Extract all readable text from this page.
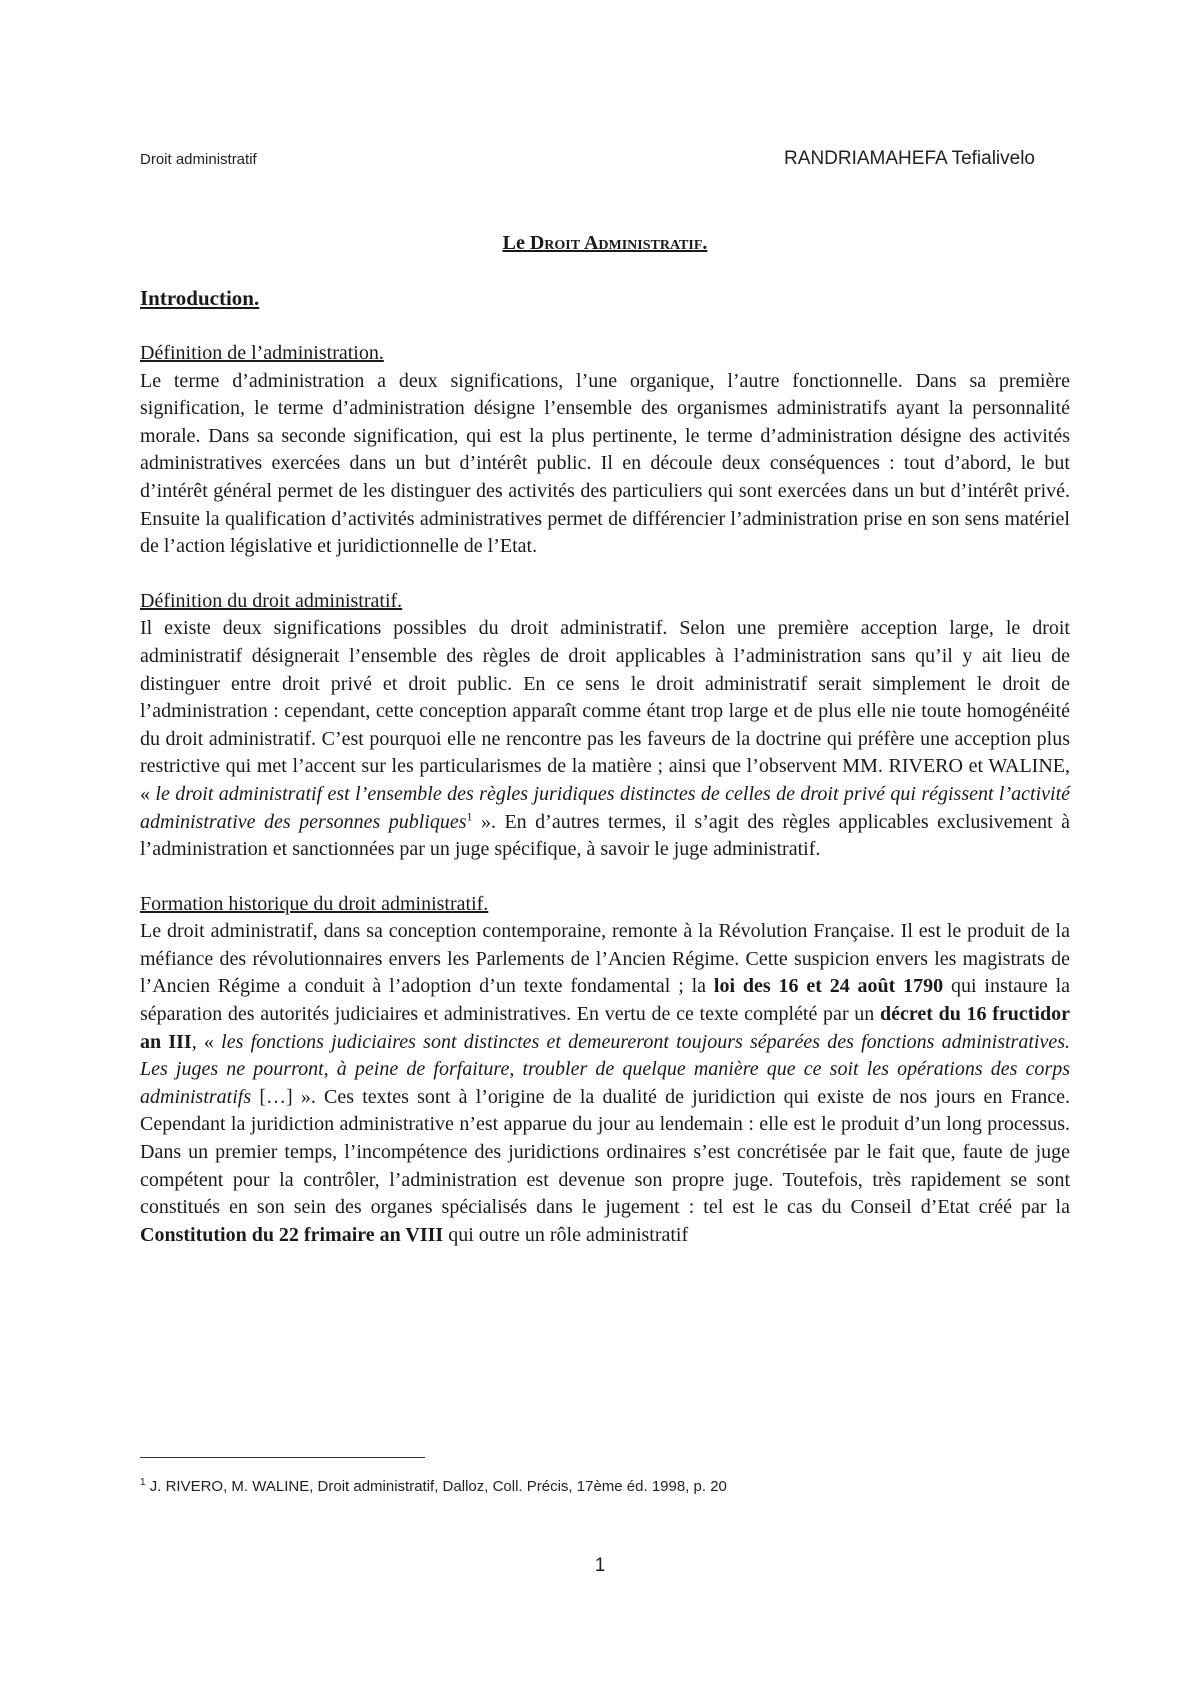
Droit administratif	RANDRIAMAHEFA Tefialivelo
Le Droit Administratif.
Introduction.
Définition de l’administration.

Le terme d’administration a deux significations, l’une organique, l’autre fonctionnelle. Dans sa première signification, le terme d’administration désigne l’ensemble des organismes administratifs ayant la personnalité morale. Dans sa seconde signification, qui est la plus pertinente, le terme d’administration désigne des activités administratives exercées dans un but d’intérêt public. Il en découle deux conséquences : tout d’abord, le but d’intérêt général permet de les distinguer des activités des particuliers qui sont exercées dans un but d’intérêt privé. Ensuite la qualification d’activités administratives permet de différencier l’administration prise en son sens matériel de l’action législative et juridictionnelle de l’Etat.

Définition du droit administratif.

Il existe deux significations possibles du droit administratif. Selon une première acception large, le droit administratif désignerait l’ensemble des règles de droit applicables à l’administration sans qu’il y ait lieu de distinguer entre droit privé et droit public. En ce sens le droit administratif serait simplement le droit de l’administration : cependant, cette conception apparaît comme étant trop large et de plus elle nie toute homogénéité du droit administratif. C’est pourquoi elle ne rencontre pas les faveurs de la doctrine qui préfère une acception plus restrictive qui met l’accent sur les particularismes de la matière ; ainsi que l’observent MM. RIVERO et WALINE, « le droit administratif est l’ensemble des règles juridiques distinctes de celles de droit privé qui régissent l’activité administrative des personnes publiques$^1$ ». En d’autres termes, il s’agit des règles applicables exclusivement à l’administration et sanctionnées par un juge spécifique, à savoir le juge administratif.

Formation historique du droit administratif.

Le droit administratif, dans sa conception contemporaine, remonte à la Révolution Française. Il est le produit de la méfiance des révolutionnaires envers les Parlements de l’Ancien Régime. Cette suspicion envers les magistrats de l’Ancien Régime a conduit à l’adoption d’un texte fondamental ; la loi des 16 et 24 août 1790 qui instaure la séparation des autorités judiciaires et administratives. En vertu de ce texte complété par un décret du 16 fructidor an III, « les fonctions judiciaires sont distinctes et demeureront toujours séparées des fonctions administratives. Les juges ne pourront, à peine de forfaiture, troubler de quelque manière que ce soit les opérations des corps administratifs […] ». Ces textes sont à l’origine de la dualité de juridiction qui existe de nos jours en France. Cependant la juridiction administrative n’est apparue du jour au lendemain : elle est le produit d’un long processus. Dans un premier temps, l’incompétence des juridictions ordinaires s’est concrétisée par le fait que, faute de juge compétent pour la contrôler, l’administration est devenue son propre juge. Toutefois, très rapidement se sont constitués en son sein des organes spécialisés dans le jugement : tel est le cas du Conseil d’Etat créé par la Constitution du 22 frimaire an VIII qui outre un rôle administratif

$^1$ J. RIVERO, M. WALINE, Droit administratif, Dalloz, Coll. Précis, 17ème éd. 1998, p. 20
1
